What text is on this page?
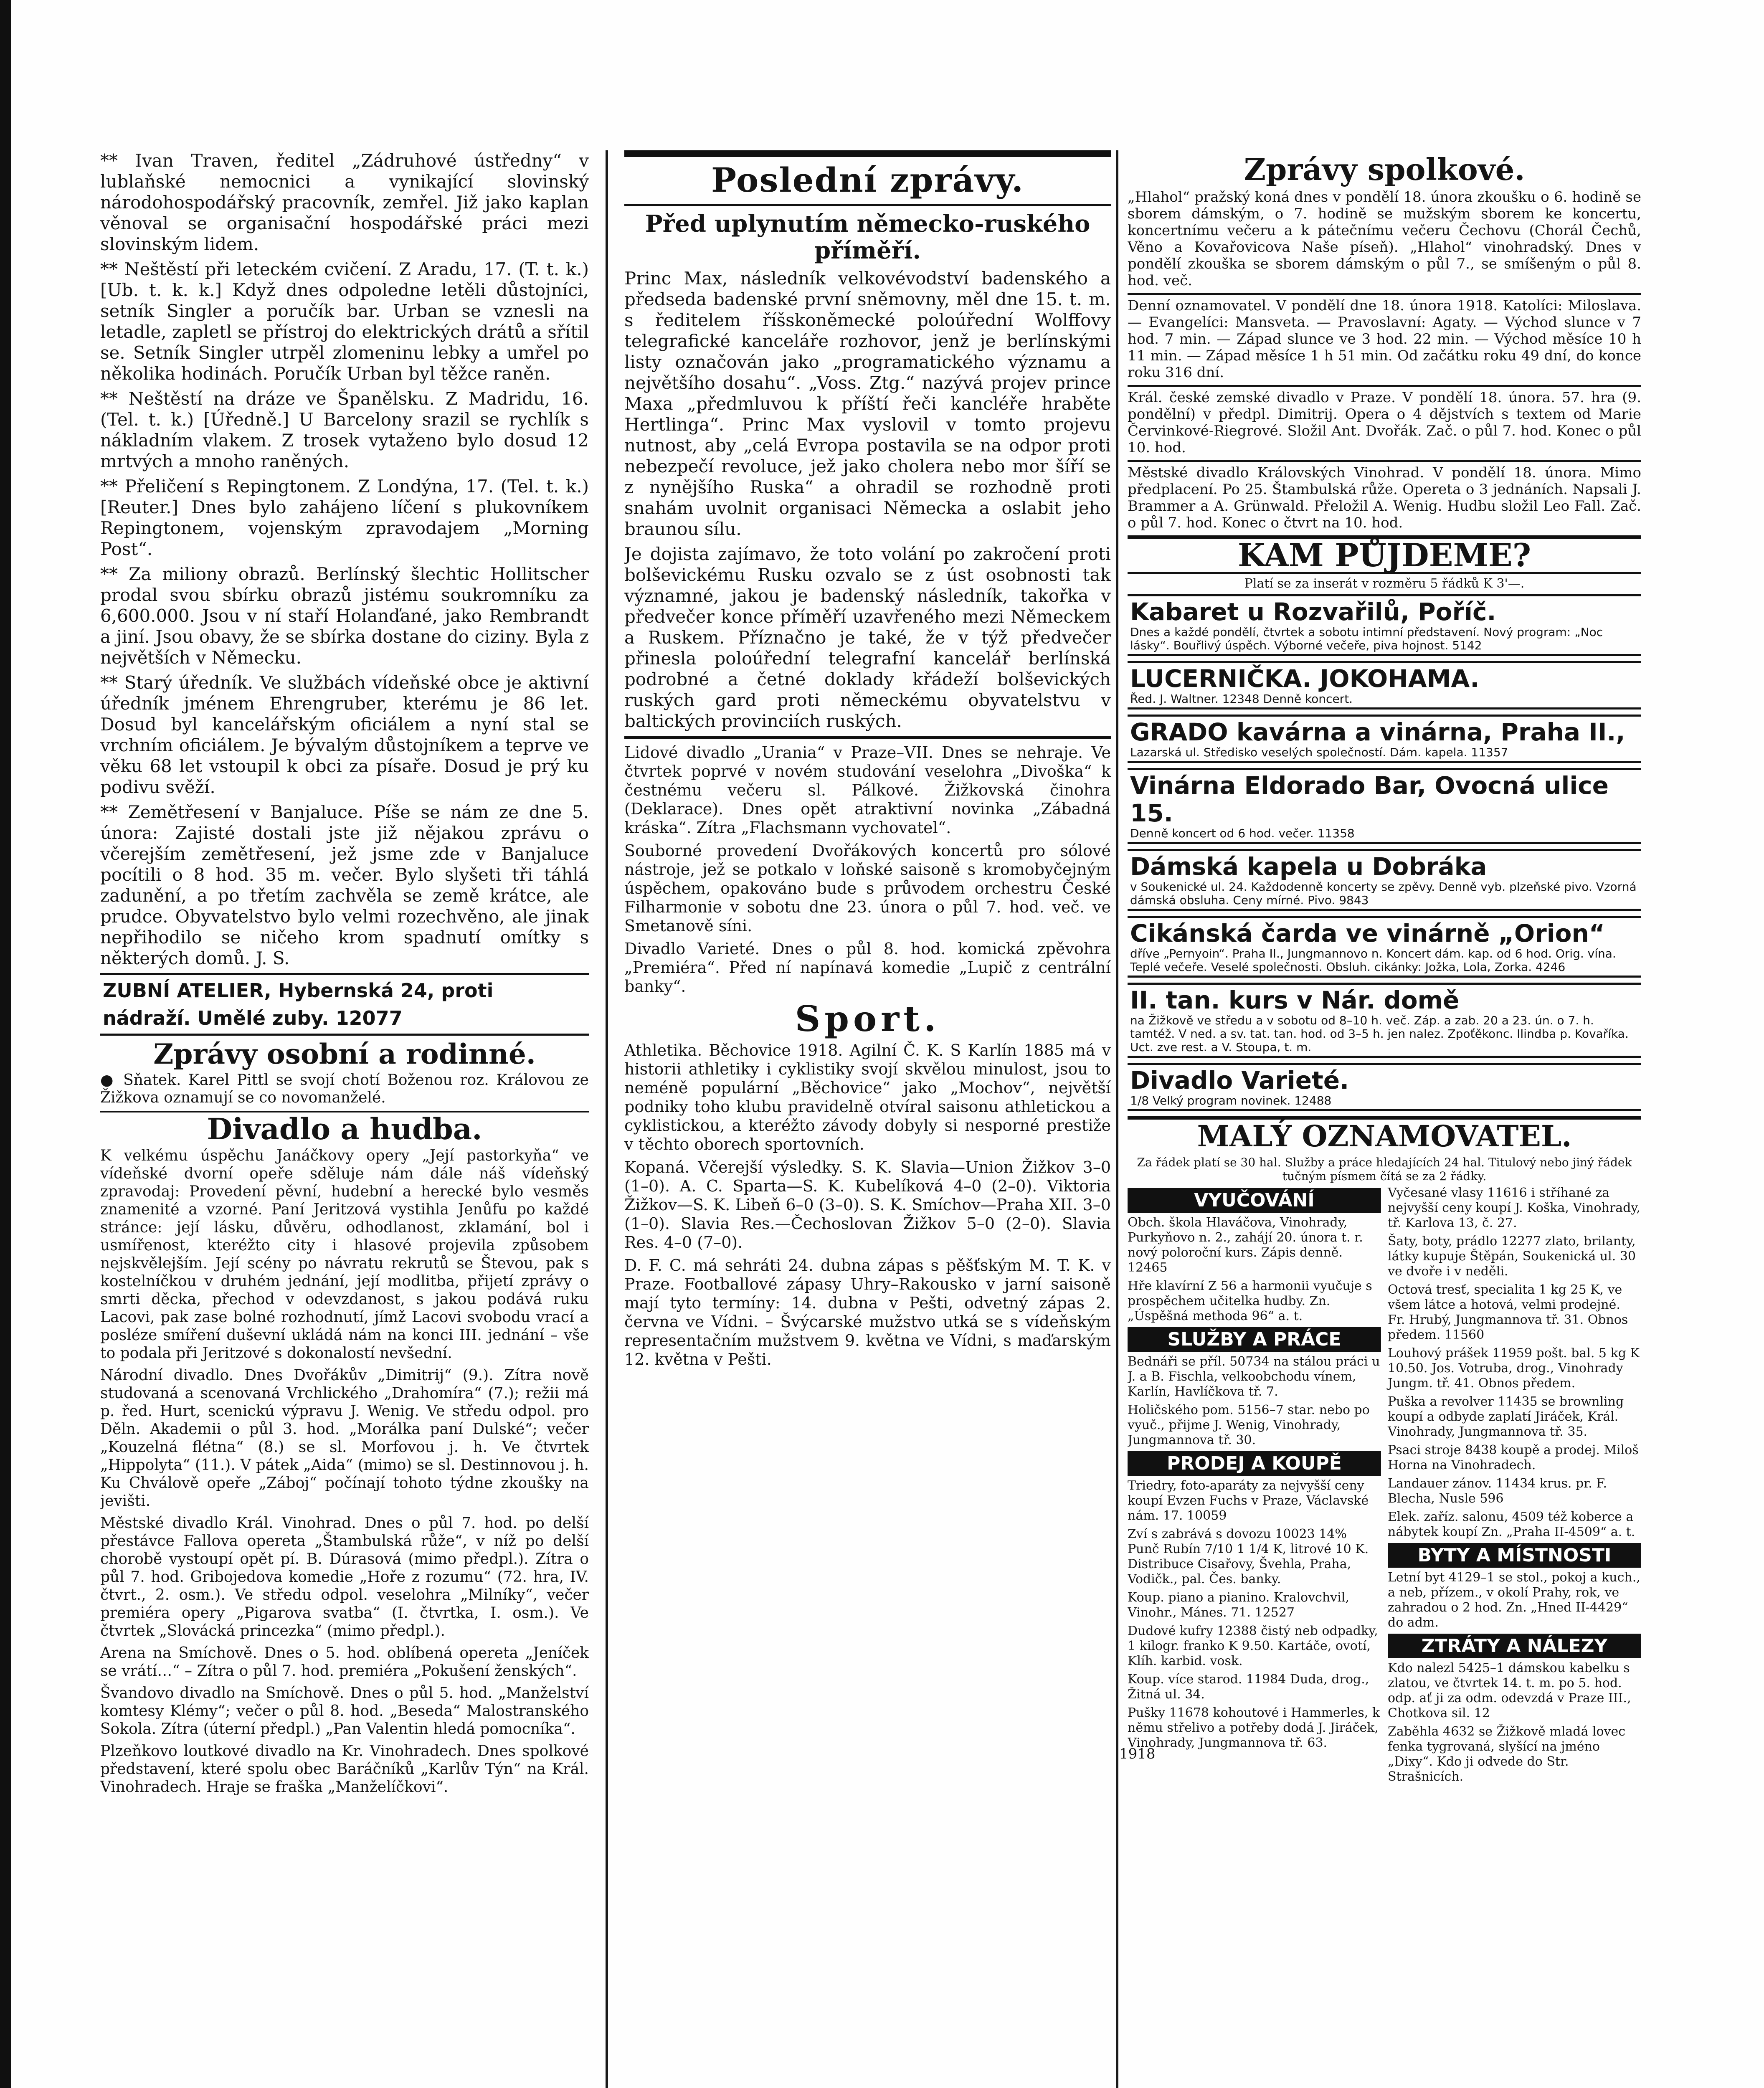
** Ivan Traven, ředitel „Zádruhové ústředny“ v lublaňské nemocnici a vynikající slovinský národohospodářský pracovník, zemřel. Již jako kaplan věnoval se organisační hospodářské práci mezi slovinským lidem.

** Neštěstí při leteckém cvičení. Z Aradu, 17. (T. t. k.) [Ub. t. k. k.] Když dnes odpoledne letěli důstojníci, setník Singler a poručík bar. Urban se vznesli na letadle, zapletl se přístroj do elektrických drátů a sřítil se. Setník Singler utrpěl zlomeninu lebky a umřel po několika hodinách. Poručík Urban byl těžce raněn.

** Neštěstí na dráze ve Španělsku. Z Madridu, 16. (Tel. t. k.) [Úředně.] U Barcelony srazil se rychlík s nákladním vlakem. Z trosek vytaženo bylo dosud 12 mrtvých a mnoho raněných.

** Přeličení s Repingtonem. Z Londýna, 17. (Tel. t. k.) [Reuter.] Dnes bylo zahájeno líčení s plukovníkem Repingtonem, vojenským zpravodajem „Morning Post“.

** Za miliony obrazů. Berlínský šlechtic Hollitscher prodal svou sbírku obrazů jistému soukromníku za 6,600.000. Jsou v ní staří Holanďané, jako Rembrandt a jiní. Jsou obavy, že se sbírka dostane do ciziny. Byla z největších v Německu.

** Starý úředník. Ve službách vídeňské obce je aktivní úředník jménem Ehrengruber, kterému je 86 let. Dosud byl kancelářským oficiálem a nyní stal se vrchním oficiálem. Je bývalým důstojníkem a teprve ve věku 68 let vstoupil k obci za písaře. Dosud je prý ku podivu svěží.

** Zemětřesení v Banjaluce. Píše se nám ze dne 5. února: Zajisté dostali jste již nějakou zprávu o včerejším zemětřesení, jež jsme zde v Banjaluce pocítili o 8 hod. 35 m. večer. Bylo slyšeti tři táhlá zadunění, a po třetím zachvěla se země krátce, ale prudce. Obyvatelstvo bylo velmi rozechvěno, ale jinak nepřihodilo se ničeho krom spadnutí omítky s některých domů. J. S.

ZUBNÍ ATELIER, Hybernská 24, proti nádraží. Umělé zuby. 12077
Zprávy osobní a rodinné.

● Sňatek. Karel Pittl se svojí chotí Boženou roz. Královou ze Žižkova oznamují se co novomanželé.

Divadlo a hudba.

K velkému úspěchu Janáčkovy opery „Její pastorkyňa“ ve vídeňské dvorní opeře sděluje nám dále náš vídeňský zpravodaj: Provedení pěvní, hudební a herecké bylo vesměs znamenité a vzorné. Paní Jeritzová vystihla Jenůfu po každé stránce: její lásku, důvěru, odhodlanost, zklamání, bol i usmířenost, kteréžto city i hlasové projevila způsobem nejskvělejším. Její scény po návratu rekrutů se Števou, pak s kostelníčkou v druhém jednání, její modlitba, přijetí zprávy o smrti děcka, přechod v odevzdanost, s jakou podává ruku Lacovi, pak zase bolné rozhodnutí, jímž Lacovi svobodu vrací a posléze smíření duševní ukládá nám na konci III. jednání – vše to podala při Jeritzové s dokonalostí nevšední.

Národní divadlo. Dnes Dvořákův „Dimitrij“ (9.). Zítra nově studovaná a scenovaná Vrchlického „Drahomíra“ (7.); režii má p. řed. Hurt, scenickú výpravu J. Wenig. Ve středu odpol. pro Děln. Akademii o půl 3. hod. „Morálka paní Dulské“; večer „Kouzelná flétna“ (8.) se sl. Morfovou j. h. Ve čtvrtek „Hippolyta“ (11.). V pátek „Aida“ (mimo) se sl. Destinnovou j. h. Ku Chválově opeře „Záboj“ počínají tohoto týdne zkoušky na jevišti.

Městské divadlo Král. Vinohrad. Dnes o půl 7. hod. po delší přestávce Fallova opereta „Štambulská růže“, v níž po delší chorobě vystoupí opět pí. B. Dúrasová (mimo předpl.). Zítra o půl 7. hod. Gribojedova komedie „Hoře z rozumu“ (72. hra, IV. čtvrt., 2. osm.). Ve středu odpol. veselohra „Milníky“, večer premiéra opery „Pigarova svatba“ (I. čtvrtka, I. osm.). Ve čtvrtek „Slovácká princezka“ (mimo předpl.).

Arena na Smíchově. Dnes o 5. hod. oblíbená opereta „Jeníček se vrátí…“ – Zítra o půl 7. hod. premiéra „Pokušení ženských“.

Švandovo divadlo na Smíchově. Dnes o půl 5. hod. „Manželství komtesy Klémy“; večer o půl 8. hod. „Beseda“ Malostranského Sokola. Zítra (úterní předpl.) „Pan Valentin hledá pomocníka“.

Plzeňkovo loutkové divadlo na Kr. Vinohradech. Dnes spolkové představení, které spolu obec Baráčníků „Karlův Týn“ na Král. Vinohradech. Hraje se fraška „Manželíčkovi“.

Poslední zprávy.
Před uplynutím německo-ruského příměří.

Princ Max, následník velkovévodství badenského a předseda badenské první sněmovny, měl dne 15. t. m. s ředitelem říšskoněmecké poloúřední Wolffovy telegrafické kanceláře rozhovor, jenž je berlínskými listy označován jako „programatického významu a největšího dosahu“. „Voss. Ztg.“ nazývá projev prince Maxa „předmluvou k příští řeči kancléře hraběte Hertlinga“. Princ Max vyslovil v tomto projevu nutnost, aby „celá Evropa postavila se na odpor proti nebezpečí revoluce, jež jako cholera nebo mor šíří se z nynějšího Ruska“ a ohradil se rozhodně proti snahám uvolnit organisaci Německa a oslabit jeho braunou sílu.

Je dojista zajímavo, že toto volání po zakročení proti bolševickému Rusku ozvalo se z úst osobnosti tak významné, jakou je badenský následník, takořka v předvečer konce příměří uzavřeného mezi Německem a Ruskem. Příznačno je také, že v týž předvečer přinesla poloúřední telegrafní kancelář berlínská podrobné a četné doklady křádeží bolševických ruských gard proti německému obyvatelstvu v baltických provinciích ruských.

Lidové divadlo „Urania“ v Praze–VII. Dnes se nehraje. Ve čtvrtek poprvé v novém studování veselohra „Divoška“ k čestnému večeru sl. Pálkové. Žižkovská činohra (Deklarace). Dnes opět atraktivní novinka „Zábadná kráska“. Zítra „Flachsmann vychovatel“.

Souborné provedení Dvořákových koncertů pro sólové nástroje, jež se potkalo v loňské saisoně s kromobyčejným úspěchem, opakováno bude s průvodem orchestru České Filharmonie v sobotu dne 23. února o půl 7. hod. več. ve Smetanově síni.

Divadlo Varieté. Dnes o půl 8. hod. komická zpěvohra „Premiéra“. Před ní napínavá komedie „Lupič z centrální banky“.

Sport.

Athletika. Běchovice 1918. Agilní Č. K. S Karlín 1885 má v historii athletiky i cyklistiky svojí skvělou minulost, jsou to neméně populární „Běchovice“ jako „Mochov“, největší podniky toho klubu pravidelně otvíral saisonu athletickou a cyklistickou, a kteréžto závody dobyly si nesporné prestiže v těchto oborech sportovních.

Kopaná. Včerejší výsledky. S. K. Slavia—Union Žižkov 3–0 (1–0). A. C. Sparta—S. K. Kubelíková 4–0 (2–0). Viktoria Žižkov—S. K. Libeň 6–0 (3–0). S. K. Smíchov—Praha XII. 3–0 (1–0). Slavia Res.—Čechoslovan Žižkov 5–0 (2–0). Slavia Res. 4–0 (7–0).

D. F. C. má sehráti 24. dubna zápas s pěšťským M. T. K. v Praze. Footballové zápasy Uhry–Rakousko v jarní saisoně mají tyto termíny: 14. dubna v Pešti, odvetný zápas 2. června ve Vídni. – Švýcarské mužstvo utká se s vídeňským representačním mužstvem 9. května ve Vídni, s maďarským 12. května v Pešti.

Zprávy spolkové.

„Hlahol“ pražský koná dnes v pondělí 18. února zkoušku o 6. hodině se sborem dámským, o 7. hodině se mužským sborem ke koncertu, koncertnímu večeru a k pátečnímu večeru Čechovu (Chorál Čechů, Věno a Kovařovicova Naše píseň). „Hlahol“ vinohradský. Dnes v pondělí zkouška se sborem dámským o půl 7., se smíšeným o půl 8. hod. več.

Denní oznamovatel. V pondělí dne 18. února 1918. Katolíci: Miloslava. — Evangelíci: Mansveta. — Pravoslavní: Agaty. — Východ slunce v 7 hod. 7 min. — Západ slunce ve 3 hod. 22 min. — Východ měsíce 10 h 11 min. — Západ měsíce 1 h 51 min. Od začátku roku 49 dní, do konce roku 316 dní.

Král. české zemské divadlo v Praze. V pondělí 18. února. 57. hra (9. pondělní) v předpl. Dimitrij. Opera o 4 dějstvích s textem od Marie Červinkové-Riegrové. Složil Ant. Dvořák. Zač. o půl 7. hod. Konec o půl 10. hod.

Městské divadlo Královských Vinohrad. V pondělí 18. února. Mimo předplacení. Po 25. Štambulská růže. Opereta o 3 jednáních. Napsali J. Brammer a A. Grünwald. Přeložil A. Wenig. Hudbu složil Leo Fall. Zač. o půl 7. hod. Konec o čtvrt na 10. hod.

KAM PŮJDEME?
Platí se za inserát v rozměru 5 řádků K 3'—.
Kabaret u Rozvařilů, Poříč.
Dnes a každé pondělí, čtvrtek a sobotu intimní představení. Nový program: „Noc lásky“. Bouřlivý úspěch. Výborné večeře, piva hojnost. 5142
LUCERNIČKA. JOKOHAMA.
Řed. J. Waltner. 12348 Denně koncert.
GRADO kavárna a vinárna, Praha II.,
Lazarská ul. Středisko veselých společností. Dám. kapela. 11357
Vinárna Eldorado Bar, Ovocná ulice 15.
Denně koncert od 6 hod. večer. 11358
Dámská kapela u Dobráka
v Soukenické ul. 24. Každodenně koncerty se zpěvy. Denně vyb. plzeňské pivo. Vzorná dámská obsluha. Ceny mírné. Pivo. 9843
Cikánská čarda ve vinárně „Orion“
dříve „Pernyoin“. Praha II., Jungmannovo n. Koncert dám. kap. od 6 hod. Orig. vína. Teplé večeře. Veselé společnosti. Obsluh. cikánky: Jožka, Lola, Zorka. 4246
II. tan. kurs v Nár. domě
na Žižkově ve středu a v sobotu od 8–10 h. več. Záp. a zab. 20 a 23. ún. o 7. h. tamtéž. V ned. a sv. tat. tan. hod. od 3–5 h. jen nalez. Zpoťěkonc. Ilindba p. Kovaříka. Uct. zve rest. a V. Stoupa, t. m.
Divadlo Varieté.
1/8 Velký program novinek. 12488
MALÝ OZNAMOVATEL.
Za řádek platí se 30 hal. Služby a práce hledajících 24 hal. Titulový nebo jiný řádek tučným písmem čítá se za 2 řádky.
VYUČOVÁNÍ
Obch. škola Hlaváčova, Vinohrady, Purkyňovo n. 2., zahájí 20. února t. r. nový poloroční kurs. Zápis denně. 12465
Hře klavírní Z 56 a harmonii vyučuje s prospěchem učitelka hudby. Zn. „Úspěšná methoda 96“ a. t.
SLUŽBY A PRÁCE
Bednáři se příl. 50734 na stálou práci u J. a B. Fischla, velkoobchodu vínem, Karlín, Havlíčkova tř. 7.
Holičského pom. 5156–7 star. nebo po vyuč., přijme J. Wenig, Vinohrady, Jungmannova tř. 30.
PRODEJ A KOUPĚ
Triedry, foto-aparáty za nejvyšší ceny koupí Evzen Fuchs v Praze, Václavské nám. 17. 10059
Zví s zabrává s dovozu 10023 14% Punč Rubín 7/10 1 1/4 K, litrové 10 K. Distribuce Cisařovy, Švehla, Praha, Vodičk., pal. Čes. banky.
Koup. piano a pianino. Kralovchvil, Vinohr., Mánes. 71. 12527
Dudové kufry 12388 čistý neb odpadky, 1 kilogr. franko K 9.50. Kartáče, ovotí, Klíh. karbid. vosk.
Koup. více starod. 11984 Duda, drog., Žitná ul. 34.
Pušky 11678 kohoutové i Hammerles, k němu střelivo a potřeby dodá J. Jiráček, Vinohrady, Jungmannova tř. 63.
Vyčesané vlasy 11616 i stříhané za nejvyšší ceny koupí J. Koška, Vinohrady, tř. Karlova 13, č. 27.
Šaty, boty, prádlo 12277 zlato, brilanty, látky kupuje Štěpán, Soukenická ul. 30 ve dvoře i v neděli.
Octová tresť, specialita 1 kg 25 K, ve všem látce a hotová, velmi prodejné. Fr. Hrubý, Jungmannova tř. 31. Obnos předem. 11560
Louhový prášek 11959 pošt. bal. 5 kg K 10.50. Jos. Votruba, drog., Vinohrady Jungm. tř. 41. Obnos předem.
Puška a revolver 11435 se brownling koupí a odbyde zaplatí Jiráček, Král. Vinohrady, Jungmannova tř. 35.
Psaci stroje 8438 koupě a prodej. Miloš Horna na Vinohradech.
Landauer zánov. 11434 krus. pr. F. Blecha, Nusle 596
Elek. zaříz. salonu, 4509 též koberce a nábytek koupí Zn. „Praha II-4509“ a. t.
BYTY A MÍSTNOSTI
Letní byt 4129–1 se stol., pokoj a kuch., a neb, přízem., v okolí Prahy, rok, ve zahradou o 2 hod. Zn. „Hned II-4429“ do adm.
ZTRÁTY A NÁLEZY
Kdo nalezl 5425–1 dámskou kabelku s zlatou, ve čtvrtek 14. t. m. po 5. hod. odp. ať ji za odm. odevzdá v Praze III., Chotkova sil. 12
Zaběhla 4632 se Žižkově mladá lovec fenka tygrovaná, slyšící na jméno „Dixy“. Kdo ji odvede do Str. Strašnicích.
1918
